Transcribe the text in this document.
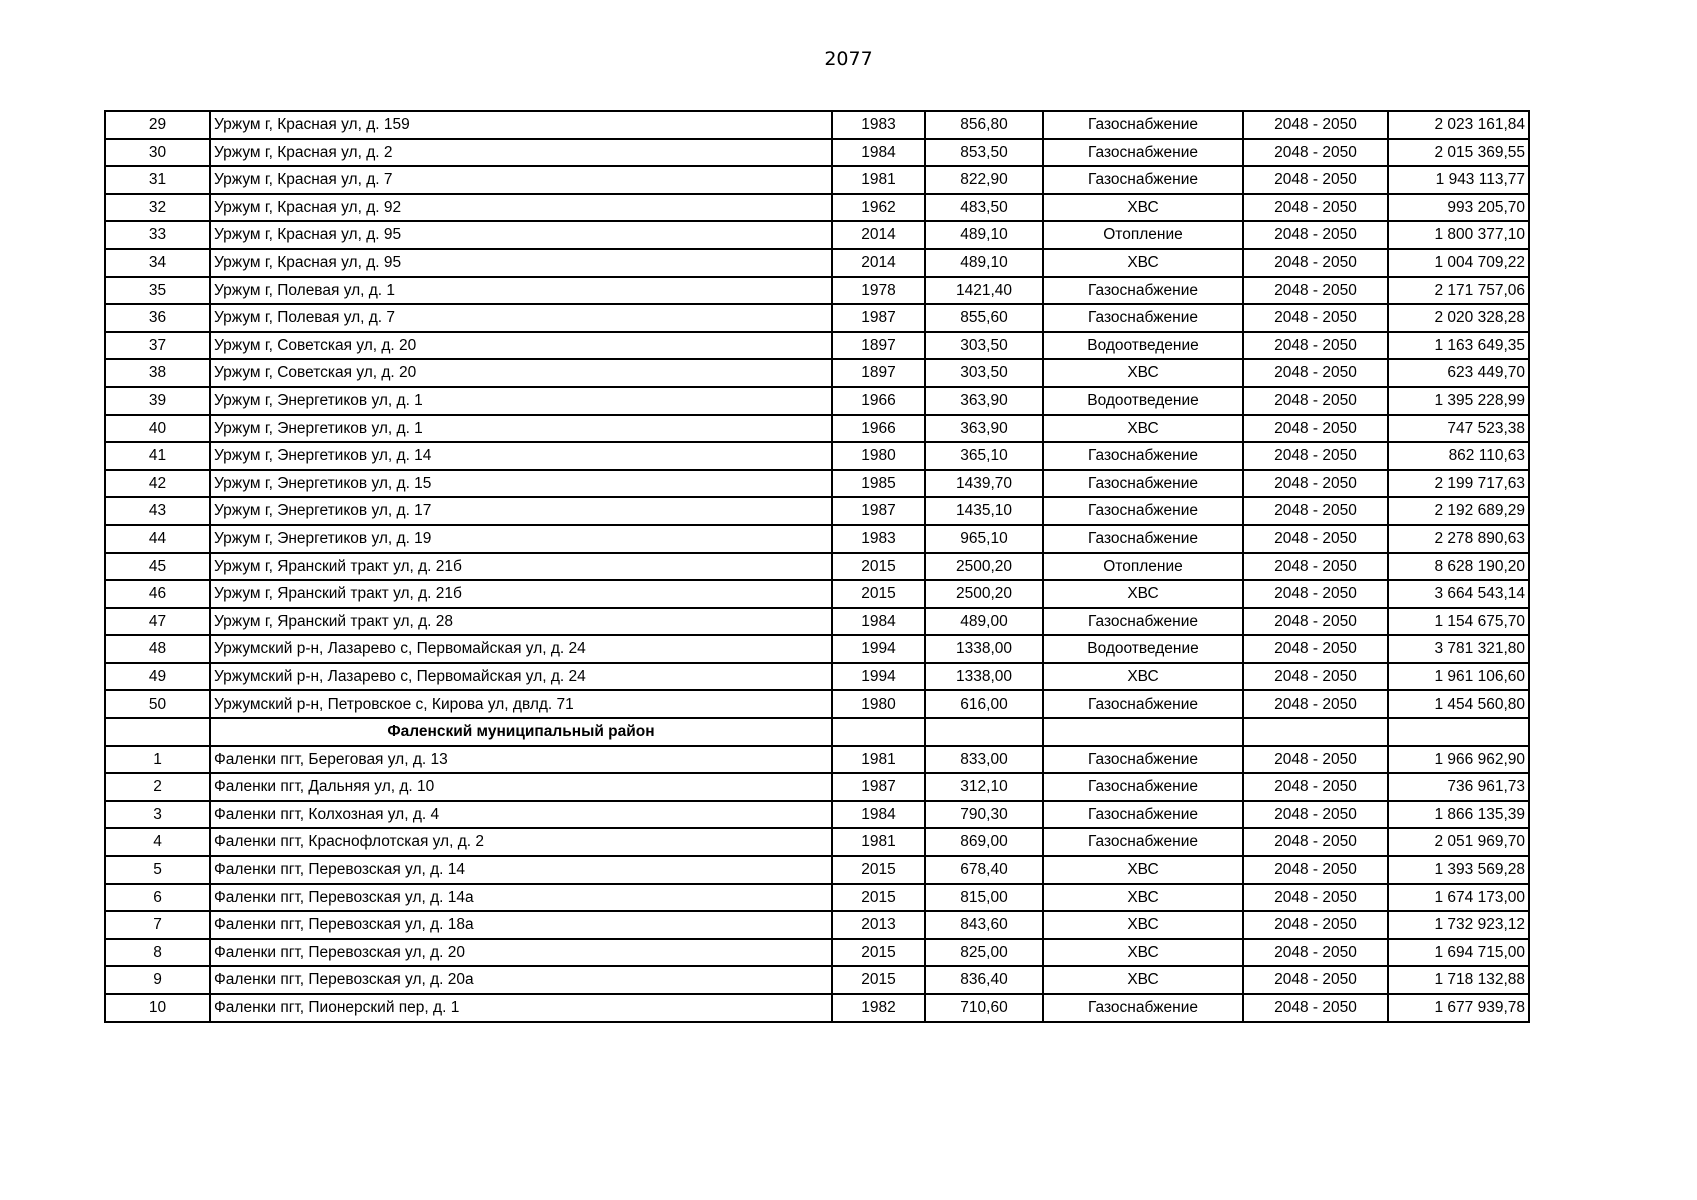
2077
29	Уржум г, Красная ул, д. 159	1983	856,80	Газоснабжение	2048 - 2050	2 023 161,84
30	Уржум г, Красная ул, д. 2	1984	853,50	Газоснабжение	2048 - 2050	2 015 369,55
31	Уржум г, Красная ул, д. 7	1981	822,90	Газоснабжение	2048 - 2050	1 943 113,77
32	Уржум г, Красная ул, д. 92	1962	483,50	ХВС	2048 - 2050	993 205,70
33	Уржум г, Красная ул, д. 95	2014	489,10	Отопление	2048 - 2050	1 800 377,10
34	Уржум г, Красная ул, д. 95	2014	489,10	ХВС	2048 - 2050	1 004 709,22
35	Уржум г, Полевая ул, д. 1	1978	1421,40	Газоснабжение	2048 - 2050	2 171 757,06
36	Уржум г, Полевая ул, д. 7	1987	855,60	Газоснабжение	2048 - 2050	2 020 328,28
37	Уржум г, Советская ул, д. 20	1897	303,50	Водоотведение	2048 - 2050	1 163 649,35
38	Уржум г, Советская ул, д. 20	1897	303,50	ХВС	2048 - 2050	623 449,70
39	Уржум г, Энергетиков ул, д. 1	1966	363,90	Водоотведение	2048 - 2050	1 395 228,99
40	Уржум г, Энергетиков ул, д. 1	1966	363,90	ХВС	2048 - 2050	747 523,38
41	Уржум г, Энергетиков ул, д. 14	1980	365,10	Газоснабжение	2048 - 2050	862 110,63
42	Уржум г, Энергетиков ул, д. 15	1985	1439,70	Газоснабжение	2048 - 2050	2 199 717,63
43	Уржум г, Энергетиков ул, д. 17	1987	1435,10	Газоснабжение	2048 - 2050	2 192 689,29
44	Уржум г, Энергетиков ул, д. 19	1983	965,10	Газоснабжение	2048 - 2050	2 278 890,63
45	Уржум г, Яранский тракт ул, д. 21б	2015	2500,20	Отопление	2048 - 2050	8 628 190,20
46	Уржум г, Яранский тракт ул, д. 21б	2015	2500,20	ХВС	2048 - 2050	3 664 543,14
47	Уржум г, Яранский тракт ул, д. 28	1984	489,00	Газоснабжение	2048 - 2050	1 154 675,70
48	Уржумский р-н, Лазарево с, Первомайская ул, д. 24	1994	1338,00	Водоотведение	2048 - 2050	3 781 321,80
49	Уржумский р-н, Лазарево с, Первомайская ул, д. 24	1994	1338,00	ХВС	2048 - 2050	1 961 106,60
50	Уржумский р-н, Петровское с, Кирова ул, двлд. 71	1980	616,00	Газоснабжение	2048 - 2050	1 454 560,80
	Фаленский муниципальный район					
1	Фаленки пгт, Береговая ул, д. 13	1981	833,00	Газоснабжение	2048 - 2050	1 966 962,90
2	Фаленки пгт, Дальняя ул, д. 10	1987	312,10	Газоснабжение	2048 - 2050	736 961,73
3	Фаленки пгт, Колхозная ул, д. 4	1984	790,30	Газоснабжение	2048 - 2050	1 866 135,39
4	Фаленки пгт, Краснофлотская ул, д. 2	1981	869,00	Газоснабжение	2048 - 2050	2 051 969,70
5	Фаленки пгт, Перевозская ул, д. 14	2015	678,40	ХВС	2048 - 2050	1 393 569,28
6	Фаленки пгт, Перевозская ул, д. 14а	2015	815,00	ХВС	2048 - 2050	1 674 173,00
7	Фаленки пгт, Перевозская ул, д. 18а	2013	843,60	ХВС	2048 - 2050	1 732 923,12
8	Фаленки пгт, Перевозская ул, д. 20	2015	825,00	ХВС	2048 - 2050	1 694 715,00
9	Фаленки пгт, Перевозская ул, д. 20а	2015	836,40	ХВС	2048 - 2050	1 718 132,88
10	Фаленки пгт, Пионерский пер, д. 1	1982	710,60	Газоснабжение	2048 - 2050	1 677 939,78
